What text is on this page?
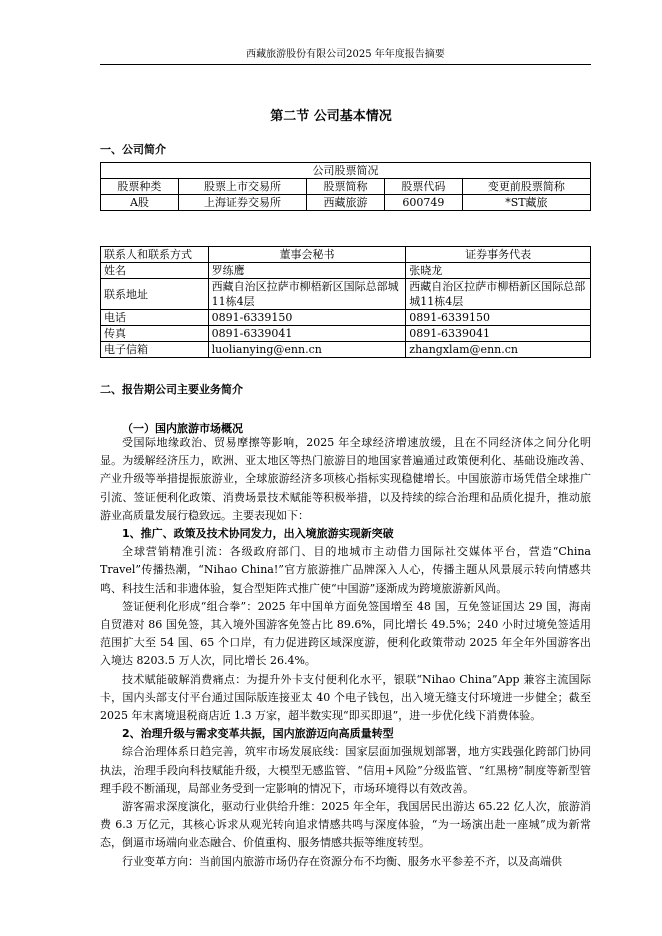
西藏旅游股份有限公司2025 年年度报告摘要
第二节 公司基本情况
一、公司简介
公司股票简况				
股票种类	股票上市交易所	股票简称	股票代码	变更前股票简称
A股	上海证券交易所	西藏旅游	600749	*ST藏旅
联系人和联系方式	董事会秘书	证券事务代表
姓名	罗练鹰	张晓龙
联系地址	西藏自治区拉萨市柳梧新区国际总部城11栋4层	西藏自治区拉萨市柳梧新区国际总部城11栋4层
电话	0891-6339150	0891-6339150
传真	0891-6339041	0891-6339041
电子信箱	luolianying@enn.cn	zhangxlam@enn.cn
二、报告期公司主要业务简介
（一）国内旅游市场概况

受国际地缘政治、贸易摩擦等影响，2025 年全球经济增速放缓，且在不同经济体之间分化明显。为缓解经济压力，欧洲、亚太地区等热门旅游目的地国家普遍通过政策便利化、基础设施改善、产业升级等举措提振旅游业，全球旅游经济多项核心指标实现稳健增长。中国旅游市场凭借全球推广引流、签证便利化政策、消费场景技术赋能等积极举措，以及持续的综合治理和品质化提升，推动旅游业高质量发展行稳致远。主要表现如下：

1、推广、政策及技术协同发力，出入境旅游实现新突破

全球营销精准引流：各级政府部门、目的地城市主动借力国际社交媒体平台，营造“China Travel”传播热潮，“Nihao China!”官方旅游推广品牌深入人心，传播主题从风景展示转向情感共鸣、科技生活和非遗体验，复合型矩阵式推广使“中国游”逐渐成为跨境旅游新风尚。

签证便利化形成“组合拳”：2025 年中国单方面免签国增至 48 国，互免签证国达 29 国，海南自贸港对 86 国免签，其入境外国游客免签占比 89.6%，同比增长 49.5%；240 小时过境免签适用范围扩大至 54 国、65 个口岸，有力促进跨区域深度游，便利化政策带动 2025 年全年外国游客出入境达 8203.5 万人次，同比增长 26.4%。

技术赋能破解消费痛点：为提升外卡支付便利化水平，银联“Nihao China”App 兼容主流国际卡，国内头部支付平台通过国际版连接亚太 40 个电子钱包，出入境无缝支付环境进一步健全；截至 2025 年末离境退税商店近 1.3 万家，超半数实现“即买即退”，进一步优化线下消费体验。

2、治理升级与需求变革共振，国内旅游迈向高质量转型

综合治理体系日趋完善，筑牢市场发展底线：国家层面加强规划部署，地方实践强化跨部门协同执法，治理手段向科技赋能升级，大模型无感监管、“信用+风险”分级监管、“红黑榜”制度等新型管理手段不断涌现，局部业务受到一定影响的情况下，市场环境得以有效改善。

游客需求深度演化，驱动行业供给升维：2025 年全年，我国居民出游达 65.22 亿人次，旅游消费 6.3 万亿元，其核心诉求从观光转向追求情感共鸣与深度体验，“为一场演出赴一座城”成为新常态，倒逼市场端向业态融合、价值重构、服务情感共振等维度转型。

行业变革方向：当前国内旅游市场仍存在资源分布不均衡、服务水平参差不齐，以及高端供
